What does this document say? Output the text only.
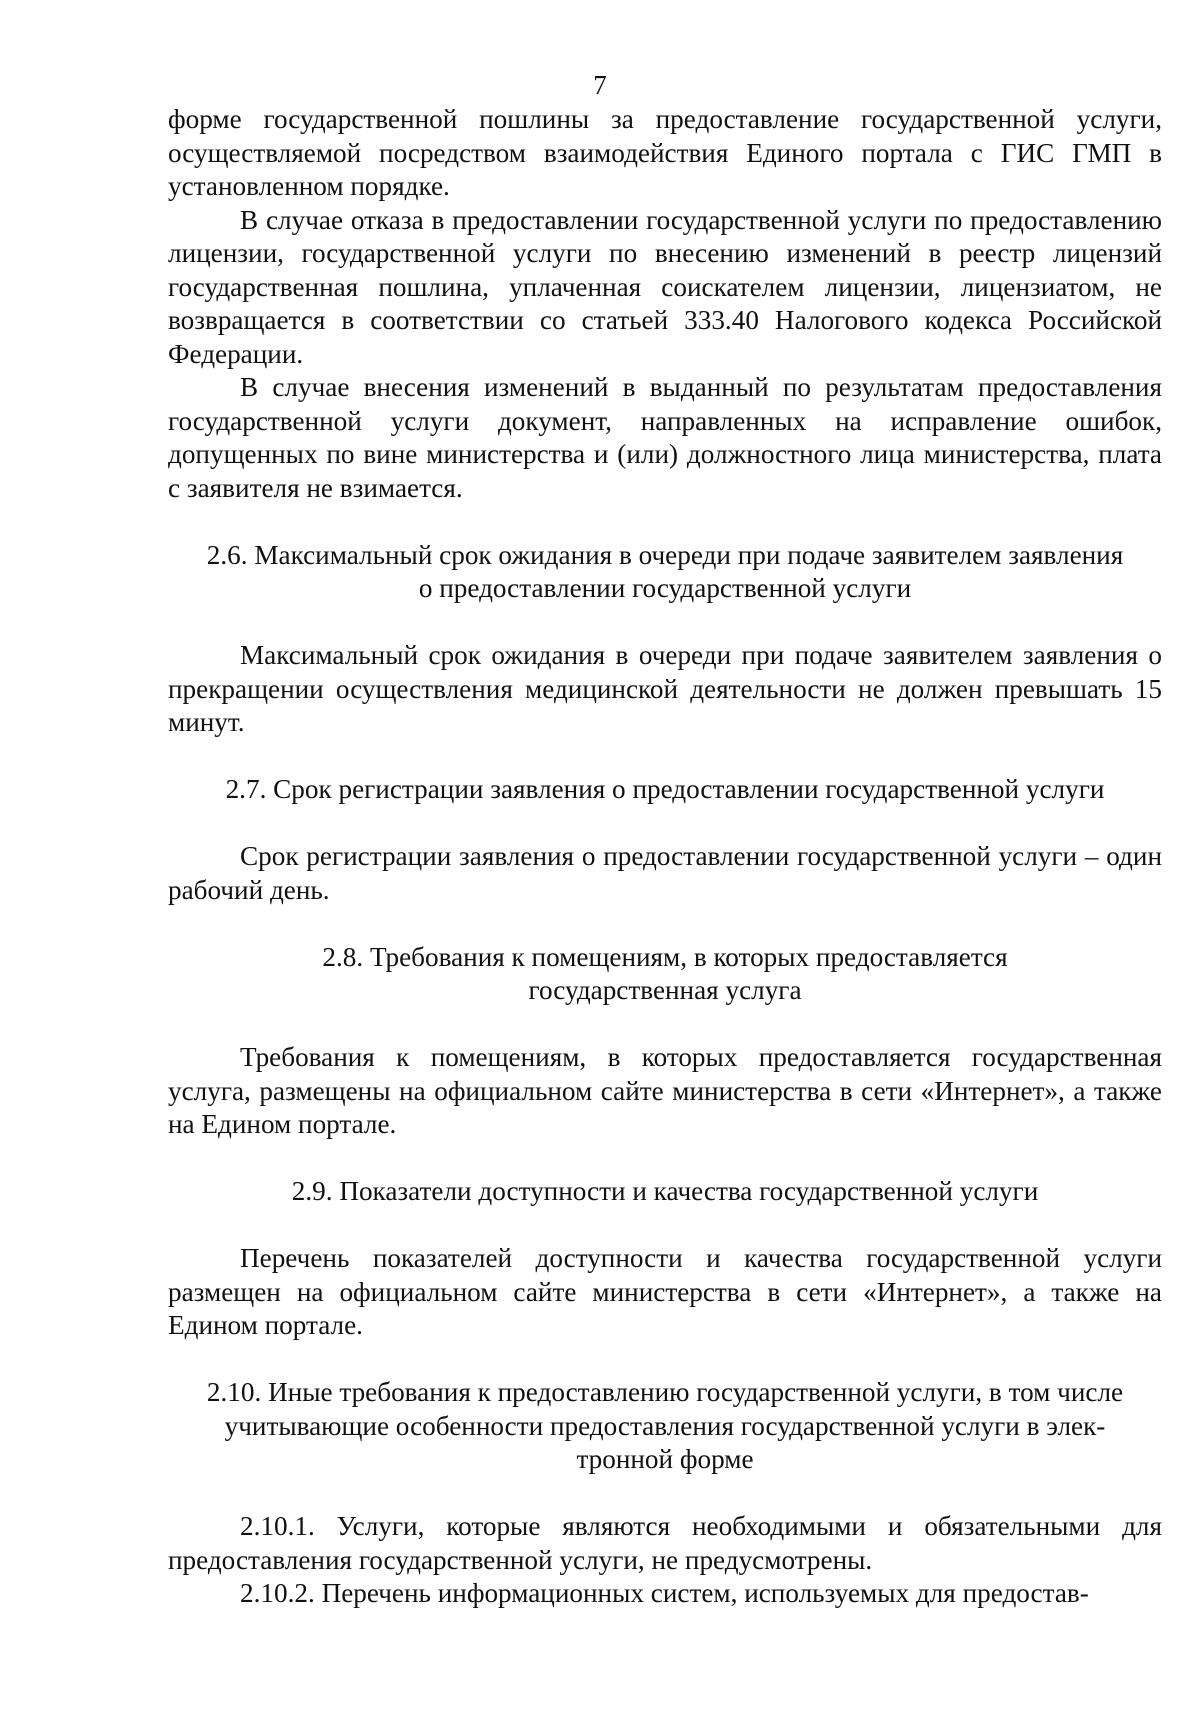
7

форме государственной пошлины за предоставление государственной услуги, осуществляемой посредством взаимодействия Единого портала с ГИС ГМП в установленном порядке.

В случае отказа в предоставлении государственной услуги по предоставлению лицензии, государственной услуги по внесению изменений в реестр лицензий государственная пошлина, уплаченная соискателем лицензии, лицензиатом, не возвращается в соответствии со статьей 333.40 Налогового кодекса Российской Федерации.

В случае внесения изменений в выданный по результатам предоставления государственной услуги документ, направленных на исправление ошибок, допущенных по вине министерства и (или) должностного лица министерства, плата с заявителя не взимается.

2.6. Максимальный срок ожидания в очереди при подаче заявителем заявления
о предоставлении государственной услуги

Максимальный срок ожидания в очереди при подаче заявителем заявления о прекращении осуществления медицинской деятельности не должен превышать 15 минут.

2.7. Срок регистрации заявления о предоставлении государственной услуги

Срок регистрации заявления о предоставлении государственной услуги – один рабочий день.

2.8. Требования к помещениям, в которых предоставляется
государственная услуга

Требования к помещениям, в которых предоставляется государственная услуга, размещены на официальном сайте министерства в сети «Интернет», а также на Едином портале.

2.9. Показатели доступности и качества государственной услуги

Перечень показателей доступности и качества государственной услуги размещен на официальном сайте министерства в сети «Интернет», а также на Едином портале.

2.10. Иные требования к предоставлению государственной услуги, в том числе
учитывающие особенности предоставления государственной услуги в элек-
тронной форме

2.10.1. Услуги, которые являются необходимыми и обязательными для предоставления государственной услуги, не предусмотрены.

2.10.2. Перечень информационных систем, используемых для предостав-
